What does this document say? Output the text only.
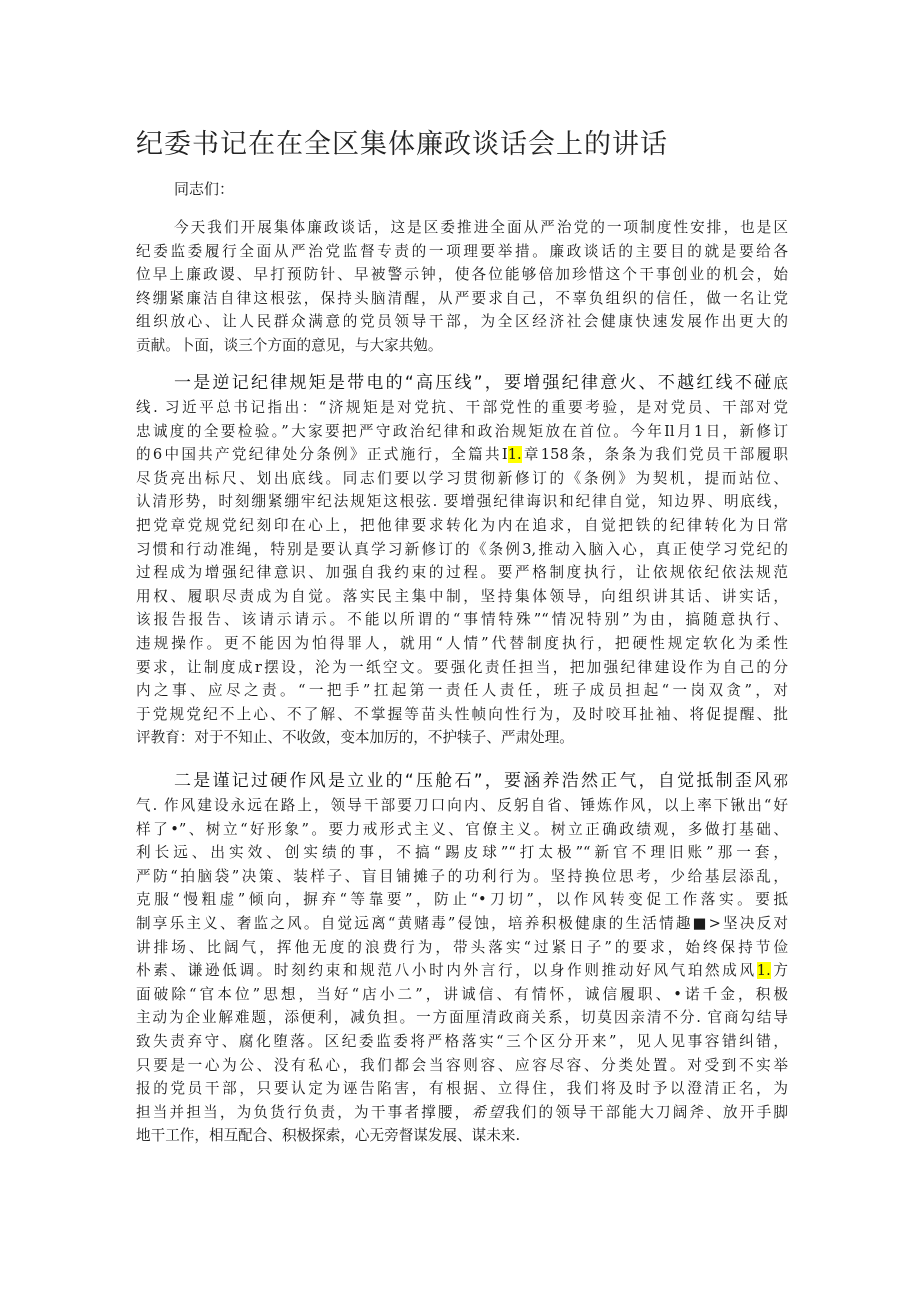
纪委书记在在全区集体廉政谈话会上的讲话

同志们：

今天我们开展集体廉政谈话，这是区委推进全面从严治党的一项制度性安排，也是区
纪委监委履行全面从严治党监督专责的一项理要举措。廉政谈话的主要目的就是要给各
位早上廉政谡、早打预防针、早被警示钟，使各位能够倍加珍惜这个干事创业的机会，始
终绷紧廉洁自律这根弦，保持头脑清醒，从严要求自己，不辜负组织的信任，做一名让党
组织放心、让人民群众满意的党员领导干部，为全区经济社会健康快速发展作出更大的
贡献。卜面，谈三个方面的意见，与大家共勉。
一是逆记纪律规矩是带电的“高压线”，要增强纪律意火、不越红线不碰底
线. 习近平总书记指出：“济规矩是对党抗、干部党性的重要考验，是对党员、干部对党
忠诚度的全要检验。”大家要把严守政治纪律和政治规矩放在首位。今年Il月1日，新修订
的6中国共产党纪律处分条例》正式施行，全篇共I1.章158条，条条为我们党员干部履职
尽货亮出标尺、划出底线。同志们要以学习贯彻新修订的《条例》为契机，提而站位、
认清形势，时刻绷紧绷牢纪法规矩这根弦. 要增强纪律诲识和纪律自觉，知边界、明底线，
把党章党规党纪刻印在心上，把他律要求转化为内在追求，自觉把铁的纪律转化为日常
习惯和行动准绳，特别是要认真学习新修订的《条例3,推动入脑入心，真正使学习党纪的
过程成为增强纪律意识、加强自我约束的过程。要严格制度执行，让依规依纪依法规范
用权、履职尽责成为自觉。落实民主集中制，坚持集体领导，向组织讲其话、讲实话，
该报告报告、该请示请示。不能以所谓的“事情特殊”“情况特别”为由，搞随意执行、
违规操作。更不能因为怕得罪人，就用“人情”代替制度执行，把硬性规定软化为柔性
要求，让制度成r摆设，沦为一纸空文。要强化责任担当，把加强纪律建设作为自己的分
内之事、应尽之责。“一把手”扛起第一责任人责任，班子成员担起“一岗双贪”，对
于党规党纪不上心、不了解、不掌握等苗头性帧向性行为，及时咬耳扯袖、将促提醒、批
评教育：对于不知止、不收敛，变本加厉的，不护犊子、严肃处理。
二是谨记过硬作风是立业的“压舱石”，要涵养浩然正气，自觉抵制歪风邪
气. 作风建设永远在路上，领导干部要刀口向内、反躬自省、锤炼作风，以上率下锹出“好
样了•”、树立“好形象”。要力戒形式主义、官僚主义。树立正确政绩观，多做打基础、
利长远、出实效、创实绩的事，不搞“踢皮球”“打太极”“新官不理旧账”那一套，
严防“拍脑袋”决策、装样子、盲目铺摊子的功利行为。坚持换位思考，少给基层添乱，
克服“慢粗虚”倾向，摒弃“等靠要”，防止“•刀切”，以作风转变促工作落实。要抵
制享乐主义、奢监之风。自觉远离“黄赌毒”侵蚀，培养积极健康的生活情趣■>坚决反对
讲排场、比阔气，挥他无度的浪费行为，带头落实“过紧日子”的要求，始终保持节俭
朴素、谦逊低调。时刻约束和规范八小时内外言行，以身作则推动好风气珀然成风1.方
面破除“官本位”思想，当好“店小二”，讲诚信、有情怀，诚信履职、•诺千金，积极
主动为企业解难题，添便利，减负担。一方面厘清政商关系，切莫因亲清不分. 官商勾结导
致失责弃守、腐化堕落。区纪委监委将严格落实“三个区分开来”，见人见事容错纠错，
只要是一心为公、没有私心，我们都会当容则容、应容尽容、分类处置。对受到不实举
报的党员干部，只要认定为诬告陷害，有根据、立得住，我们将及时予以澄清正名，为
担当并担当，为负货行负责，为干事者撑腰，希望我们的领导干部能大刀阔斧、放开手脚
地干工作，相互配合、积极探索，心无旁督谋发展、谋未来.
